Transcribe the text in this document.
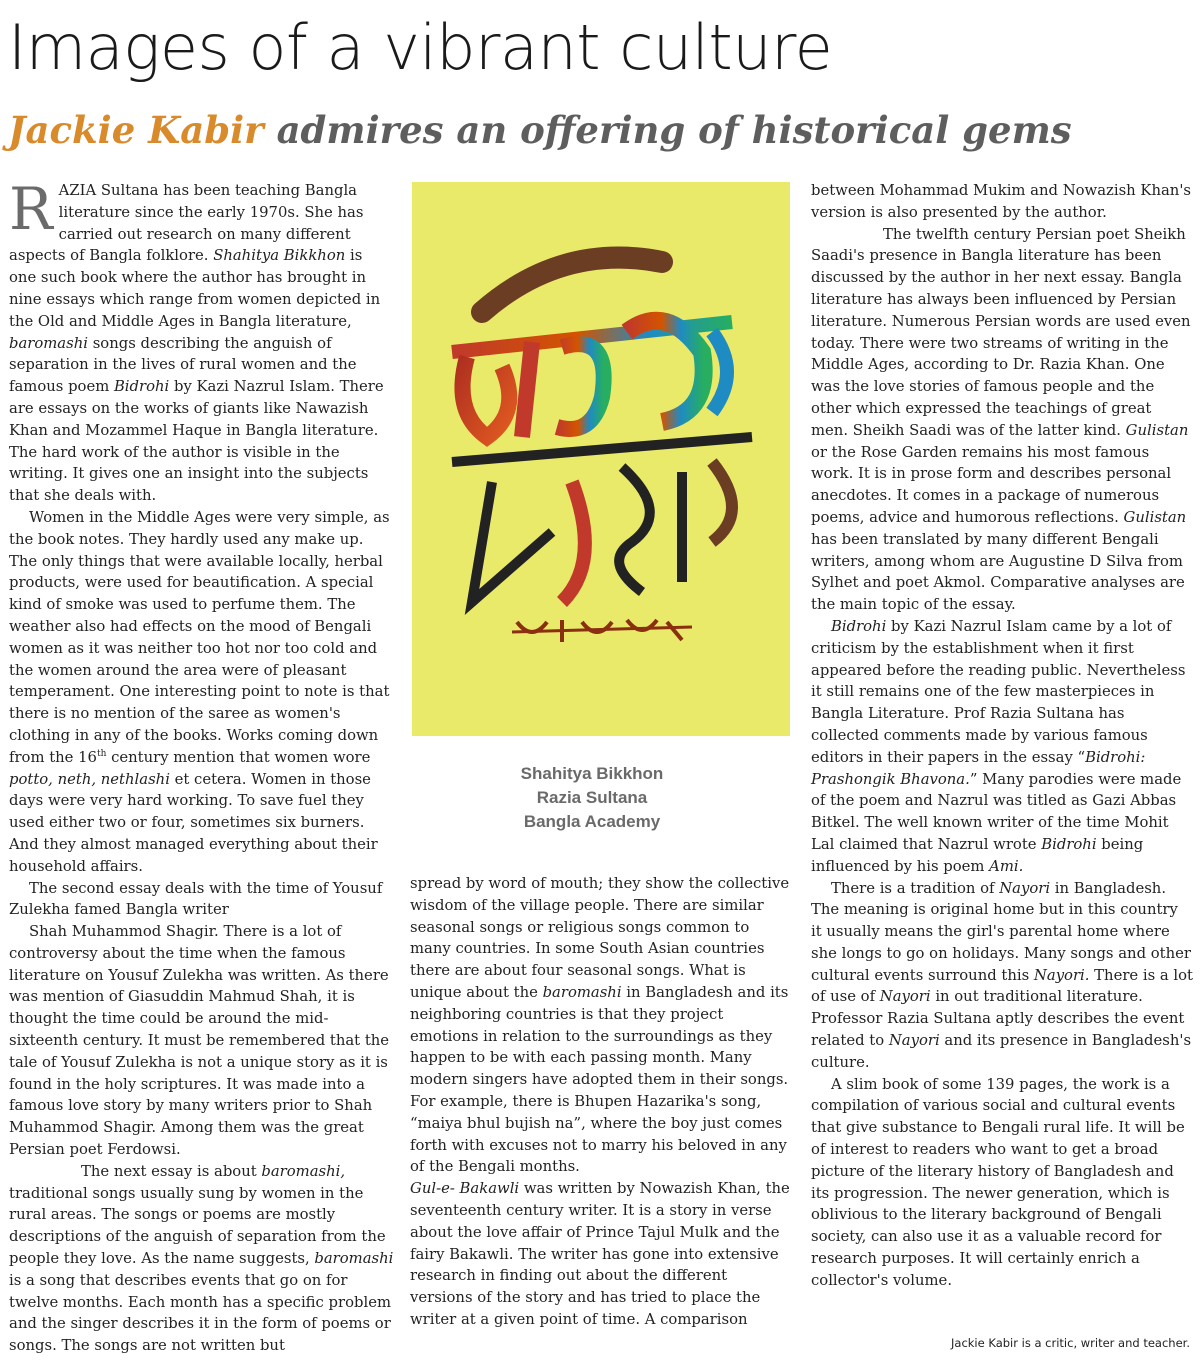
Images of a vibrant culture
Jackie Kabir admires an offering of historical gems

RAZIA Sultana has been teaching Bangla literature since the early 1970s. She has carried out research on many different aspects of Bangla folklore. Shahitya Bikkhon is one such book where the author has brought in nine essays which range from women depicted in the Old and Middle Ages in Bangla literature, baromashi songs describing the anguish of separation in the lives of rural women and the famous poem Bidrohi by Kazi Nazrul Islam. There are essays on the works of giants like Nawazish Khan and Mozammel Haque in Bangla literature. The hard work of the author is visible in the writing. It gives one an insight into the subjects that she deals with.

Women in the Middle Ages were very simple, as the book notes. They hardly used any make up. The only things that were available locally, herbal products, were used for beautification. A special kind of smoke was used to perfume them. The weather also had effects on the mood of Bengali women as it was neither too hot nor too cold and the women around the area were of pleasant temperament. One interesting point to note is that there is no mention of the saree as women's clothing in any of the books. Works coming down from the 16th century mention that women wore potto, neth, nethlashi et cetera. Women in those days were very hard working. To save fuel they used either two or four, sometimes six burners. And they almost managed everything about their household affairs.

The second essay deals with the time of Yousuf Zulekha famed Bangla writer

Shah Muhammod Shagir. There is a lot of controversy about the time when the famous literature on Yousuf Zulekha was written. As there was mention of Giasuddin Mahmud Shah, it is thought the time could be around the mid-sixteenth century. It must be remembered that the tale of Yousuf Zulekha is not a unique story as it is found in the holy scriptures. It was made into a famous love story by many writers prior to Shah Muhammod Shagir. Among them was the great Persian poet Ferdowsi.

The next essay is about baromashi, traditional songs usually sung by women in the rural areas. The songs or poems are mostly descriptions of the anguish of separation from the people they love. As the name suggests, baromashi is a song that describes events that go on for twelve months. Each month has a specific problem and the singer describes it in the form of poems or songs. The songs are not written but

Shahitya Bikkhon
Razia Sultana
Bangla Academy

spread by word of mouth; they show the collective wisdom of the village people. There are similar seasonal songs or religious songs common to many countries. In some South Asian countries there are about four seasonal songs. What is unique about the baromashi in Bangladesh and its neighboring countries is that they project emotions in relation to the surroundings as they happen to be with each passing month. Many modern singers have adopted them in their songs. For example, there is Bhupen Hazarika's song, “maiya bhul bujish na”, where the boy just comes forth with excuses not to marry his beloved in any of the Bengali months.

Gul-e- Bakawli was written by Nowazish Khan, the seventeenth century writer. It is a story in verse about the love affair of Prince Tajul Mulk and the fairy Bakawli. The writer has gone into extensive research in finding out about the different versions of the story and has tried to place the writer at a given point of time. A comparison

between Mohammad Mukim and Nowazish Khan's version is also presented by the author.

The twelfth century Persian poet Sheikh Saadi's presence in Bangla literature has been discussed by the author in her next essay. Bangla literature has always been influenced by Persian literature. Numerous Persian words are used even today. There were two streams of writing in the Middle Ages, according to Dr. Razia Khan. One was the love stories of famous people and the other which expressed the teachings of great men. Sheikh Saadi was of the latter kind. Gulistan or the Rose Garden remains his most famous work. It is in prose form and describes personal anecdotes. It comes in a package of numerous poems, advice and humorous reflections. Gulistan has been translated by many different Bengali writers, among whom are Augustine D Silva from Sylhet and poet Akmol. Comparative analyses are the main topic of the essay.

Bidrohi by Kazi Nazrul Islam came by a lot of criticism by the establishment when it first appeared before the reading public. Nevertheless it still remains one of the few masterpieces in Bangla Literature. Prof Razia Sultana has collected comments made by various famous editors in their papers in the essay “Bidrohi: Prashongik Bhavona.” Many parodies were made of the poem and Nazrul was titled as Gazi Abbas Bitkel. The well known writer of the time Mohit Lal claimed that Nazrul wrote Bidrohi being influenced by his poem Ami.

There is a tradition of Nayori in Bangladesh. The meaning is original home but in this country it usually means the girl's parental home where she longs to go on holidays. Many songs and other cultural events surround this Nayori. There is a lot of use of Nayori in out traditional literature. Professor Razia Sultana aptly describes the event related to Nayori and its presence in Bangladesh's culture.

A slim book of some 139 pages, the work is a compilation of various social and cultural events that give substance to Bengali rural life. It will be of interest to readers who want to get a broad picture of the literary history of Bangladesh and its progression. The newer generation, which is oblivious to the literary background of Bengali society, can also use it as a valuable record for research purposes. It will certainly enrich a collector's volume.

Jackie Kabir is a critic, writer and teacher.
